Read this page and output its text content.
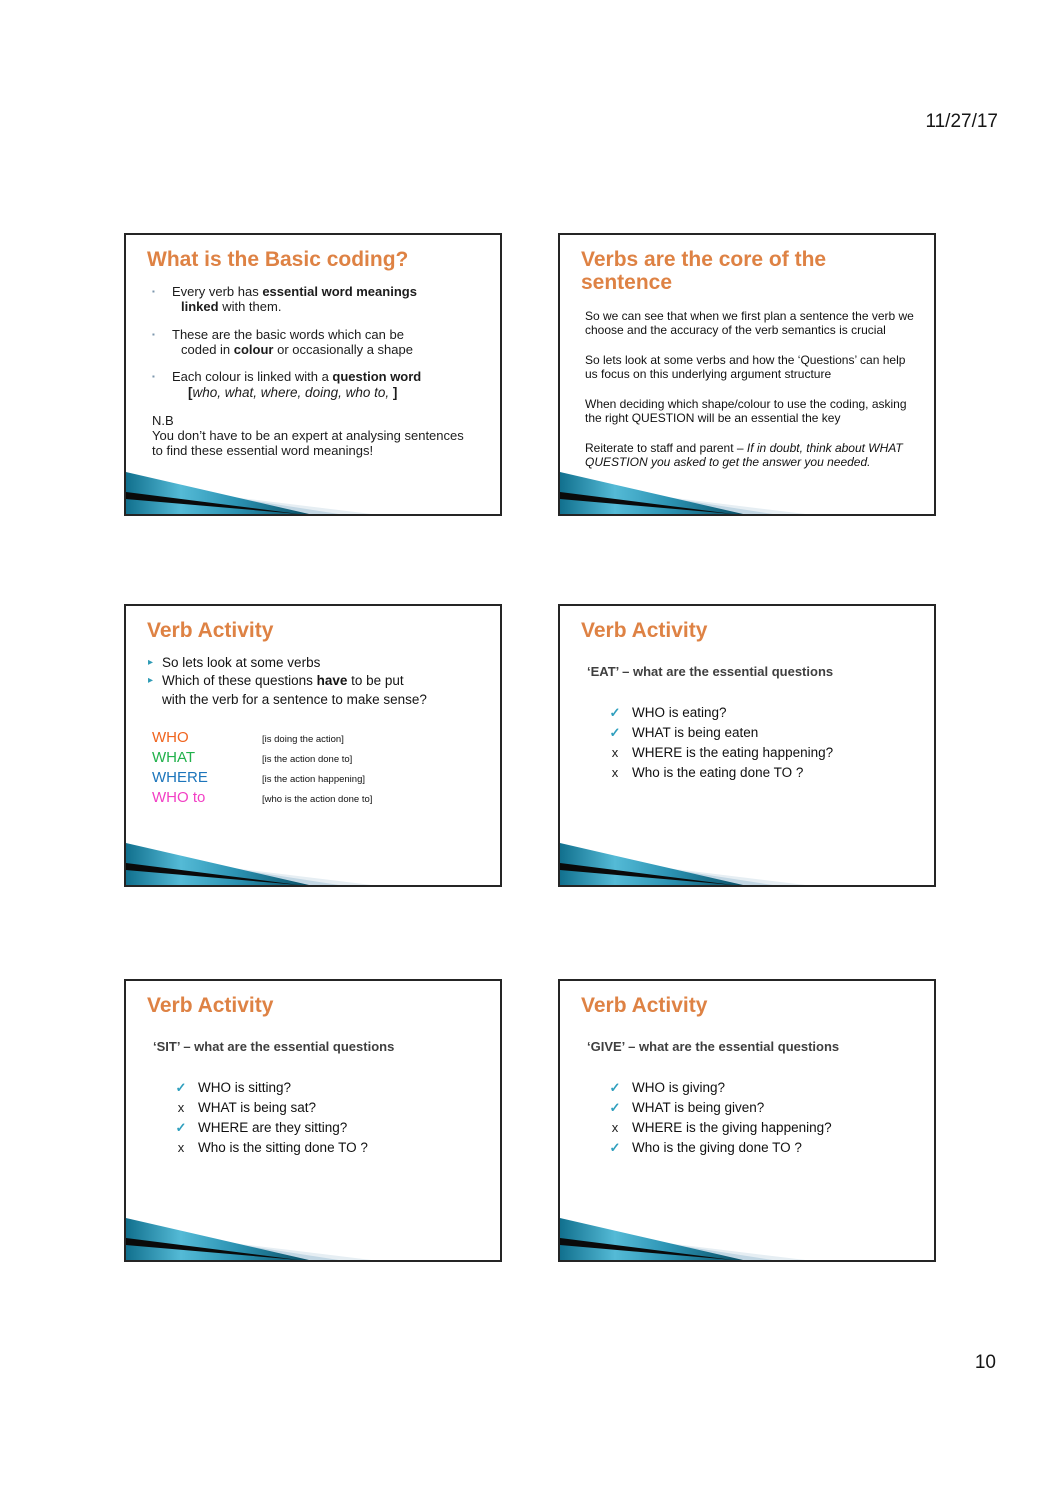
11/27/17
What is the Basic coding?
▪	Every verb has essential word meanings
linked with them.
▪	These are the basic words which can be
coded in colour or occasionally a shape
▪	Each colour is linked with a question word
[who, what, where, doing, who to, ]
N.B
You don’t have to be an expert at analysing sentences to find these essential word meanings!
Verbs are the core of the sentence

So we can see that when we first plan a sentence the verb we choose and the accuracy of the verb semantics is crucial

So lets look at some verbs and how the ‘Questions’ can help us focus on this underlying argument structure

When deciding which shape/colour to use the coding, asking the right QUESTION will be an essential the key

Reiterate to staff and parent – If in doubt, think about WHAT QUESTION you asked to get the answer you needed.

Verb Activity
▸ So lets look at some verbs
▸ Which of these questions have to be put
with the verb for a sentence to make sense?
WHO	[is doing the action]
WHAT	[is the action done to]
WHERE	[is the action happening]
WHO to	[who is the action done to]
Verb Activity
‘EAT’ – what are the essential questions
✓ WHO is eating?
✓ WHAT is being eaten
x	WHERE is the eating happening?
x	Who is the eating done TO ?
Verb Activity
‘SIT’ – what are the essential questions
✓ WHO is sitting?
x	WHAT is being sat?
✓ WHERE are they sitting?
x	Who is the sitting done TO ?
Verb Activity
‘GIVE’ – what are the essential questions
✓ WHO is giving?
✓ WHAT is being given?
x	WHERE is the giving happening?
✓ Who is the giving done TO ?
10
